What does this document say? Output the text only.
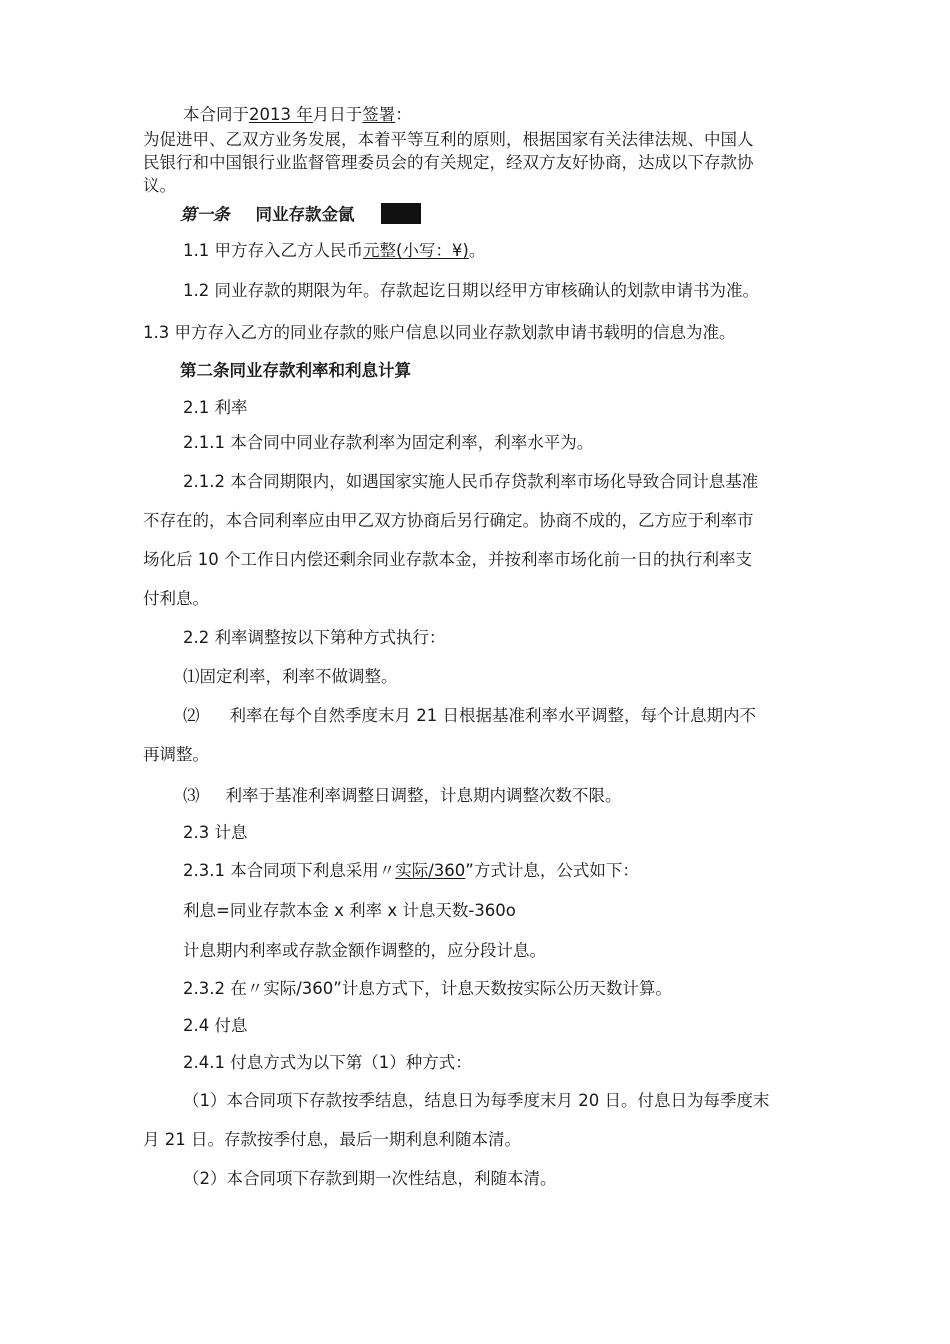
本合同于2013 年月日于签署：
为促进甲、乙双方业务发展，本着平等互利的原则，根据国家有关法律法规、中国人
民银行和中国银行业监督管理委员会的有关规定，经双方友好协商，达成以下存款协
议。
第一条 同业存款金氤
1.1 甲方存入乙方人民币元整(小写：¥)。
1.2 同业存款的期限为年。存款起讫日期以经甲方审核确认的划款申请书为准。
1.3 甲方存入乙方的同业存款的账户信息以同业存款划款申请书载明的信息为准。
第二条同业存款利率和利息计算
2.1 利率
2.1.1 本合同中同业存款利率为固定利率，利率水平为。
2.1.2 本合同期限内，如遇国家实施人民币存贷款利率市场化导致合同计息基准
不存在的，本合同利率应由甲乙双方协商后另行确定。协商不成的，乙方应于利率市
场化后 10 个工作日内偿还剩余同业存款本金，并按利率市场化前一日的执行利率支
付利息。
2.2 利率调整按以下第种方式执行：
⑴固定利率，利率不做调整。
⑵ 利率在每个自然季度末月 21 日根据基准利率水平调整，每个计息期内不
再调整。
⑶ 利率于基准利率调整日调整，计息期内调整次数不限。
2.3 计息
2.3.1 本合同项下利息采用〃实际/360”方式计息，公式如下：
利息=同业存款本金 x 利率 x 计息天数-360o
计息期内利率或存款金额作调整的，应分段计息。
2.3.2 在〃实际/360”计息方式下，计息天数按实际公历天数计算。
2.4 付息
2.4.1 付息方式为以下第（1）种方式：
（1）本合同项下存款按季结息，结息日为每季度末月 20 日。付息日为每季度末
月 21 日。存款按季付息，最后一期利息利随本清。
（2）本合同项下存款到期一次性结息，利随本清。
